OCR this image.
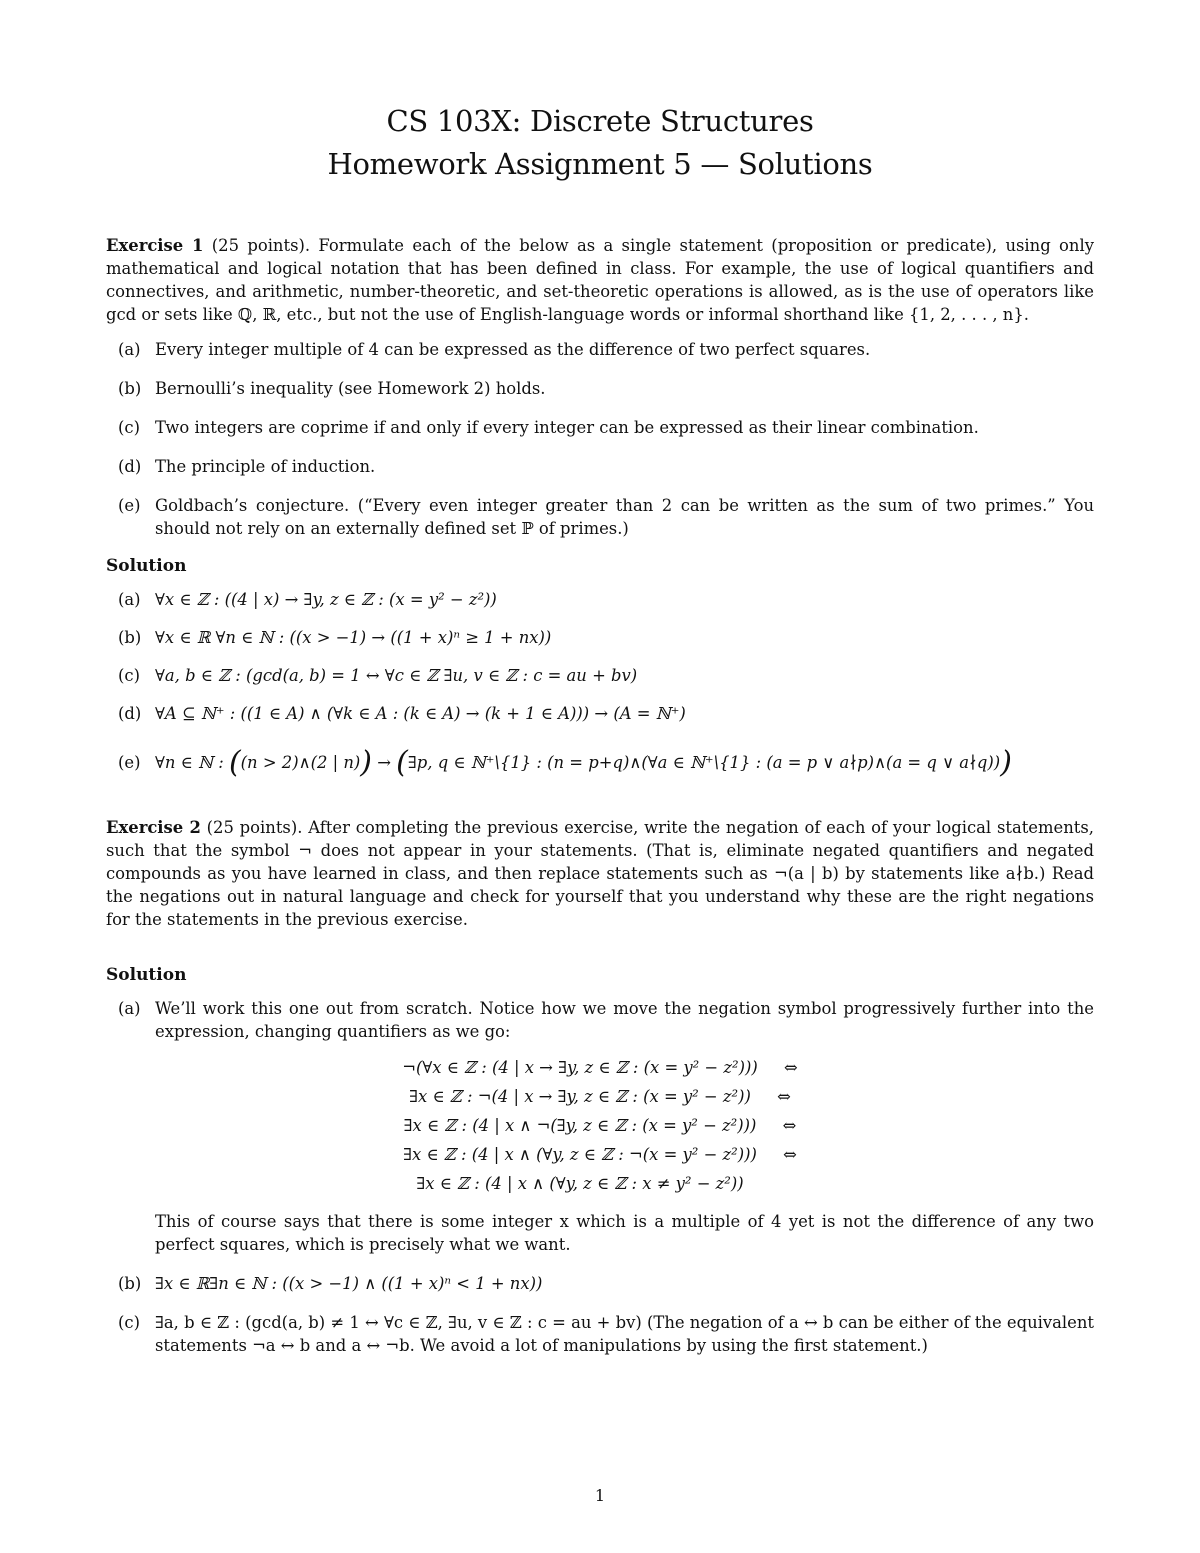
CS 103X: Discrete Structures
Homework Assignment 5 — Solutions

Exercise 1 (25 points). Formulate each of the below as a single statement (proposition or predicate), using only mathematical and logical notation that has been defined in class. For example, the use of logical quantifiers and connectives, and arithmetic, number-theoretic, and set-theoretic operations is allowed, as is the use of operators like gcd or sets like ℚ, ℝ, etc., but not the use of English-language words or informal shorthand like {1, 2, . . . , n}.

(a) Every integer multiple of 4 can be expressed as the difference of two perfect squares.
(b) Bernoulli’s inequality (see Homework 2) holds.
(c) Two integers are coprime if and only if every integer can be expressed as their linear combination.
(d) The principle of induction.
(e) Goldbach’s conjecture. (“Every even integer greater than 2 can be written as the sum of two primes.” You should not rely on an externally defined set ℙ of primes.)
Solution
(a) ∀x ∈ ℤ : ((4 | x) → ∃y, z ∈ ℤ : (x = y² − z²))
(b) ∀x ∈ ℝ ∀n ∈ ℕ : ((x > −1) → ((1 + x)ⁿ ≥ 1 + nx))
(c) ∀a, b ∈ ℤ : (gcd(a, b) = 1 ↔ ∀c ∈ ℤ ∃u, v ∈ ℤ : c = au + bv)
(d) ∀A ⊆ ℕ⁺ : ((1 ∈ A) ∧ (∀k ∈ A : (k ∈ A) → (k + 1 ∈ A))) → (A = ℕ⁺)
(e) ∀n ∈ ℕ : ((n > 2)∧(2 | n)) → (∃p, q ∈ ℕ⁺\{1} : (n = p+q)∧(∀a ∈ ℕ⁺\{1} : (a = p ∨ a∤p)∧(a = q ∨ a∤q)))

Exercise 2 (25 points). After completing the previous exercise, write the negation of each of your logical statements, such that the symbol ¬ does not appear in your statements. (That is, eliminate negated quantifiers and negated compounds as you have learned in class, and then replace statements such as ¬(a | b) by statements like a∤b.) Read the negations out in natural language and check for yourself that you understand why these are the right negations for the statements in the previous exercise.

Solution
(a) We’ll work this one out from scratch. Notice how we move the negation symbol progressively further into the expression, changing quantifiers as we go:
¬(∀x ∈ ℤ : (4 | x → ∃y, z ∈ ℤ : (x = y² − z²))) ⇔
∃x ∈ ℤ : ¬(4 | x → ∃y, z ∈ ℤ : (x = y² − z²)) ⇔
∃x ∈ ℤ : (4 | x ∧ ¬(∃y, z ∈ ℤ : (x = y² − z²))) ⇔
∃x ∈ ℤ : (4 | x ∧ (∀y, z ∈ ℤ : ¬(x = y² − z²))) ⇔
∃x ∈ ℤ : (4 | x ∧ (∀y, z ∈ ℤ : x ≠ y² − z²))

This of course says that there is some integer x which is a multiple of 4 yet is not the difference of any two perfect squares, which is precisely what we want.

(b) ∃x ∈ ℝ∃n ∈ ℕ : ((x > −1) ∧ ((1 + x)ⁿ < 1 + nx))
(c) ∃a, b ∈ ℤ : (gcd(a, b) ≠ 1 ↔ ∀c ∈ ℤ, ∃u, v ∈ ℤ : c = au + bv) (The negation of a ↔ b can be either of the equivalent statements ¬a ↔ b and a ↔ ¬b. We avoid a lot of manipulations by using the first statement.)
1
